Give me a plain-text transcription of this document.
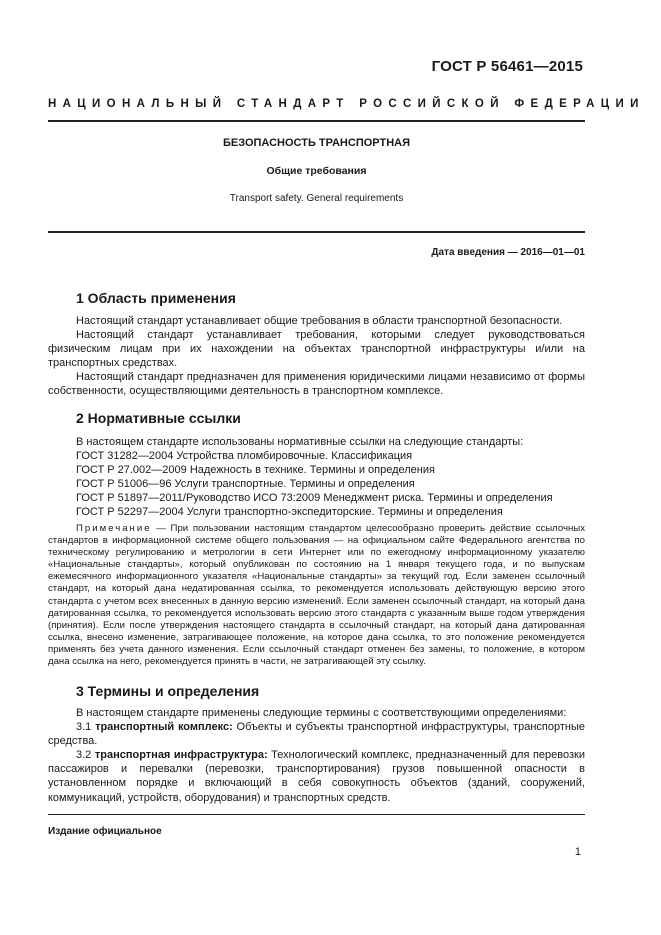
ГОСТ Р 56461—2015
НАЦИОНАЛЬНЫЙ СТАНДАРТ РОССИЙСКОЙ ФЕДЕРАЦИИ
БЕЗОПАСНОСТЬ ТРАНСПОРТНАЯ
Общие требования
Transport safety. General requirements
Дата введения — 2016—01—01
1 Область применения
Настоящий стандарт устанавливает общие требования в области транспортной безопасности.
Настоящий стандарт устанавливает требования, которыми следует руководствоваться физическим лицам при их нахождении на объектах транспортной инфраструктуры и/или на транспортных средствах.
Настоящий стандарт предназначен для применения юридическими лицами независимо от формы собственности, осуществляющими деятельность в транспортном комплексе.
2 Нормативные ссылки
В настоящем стандарте использованы нормативные ссылки на следующие стандарты:
ГОСТ 31282—2004 Устройства пломбировочные. Классификация
ГОСТ Р 27.002—2009 Надежность в технике. Термины и определения
ГОСТ Р 51006—96 Услуги транспортные. Термины и определения
ГОСТ Р 51897—2011/Руководство ИСО 73:2009 Менеджмент риска. Термины и определения
ГОСТ Р 52297—2004 Услуги транспортно-экспедиторские. Термины и определения
Примечание — При пользовании настоящим стандартом целесообразно проверить действие ссылочных стандартов в информационной системе общего пользования — на официальном сайте Федерального агентства по техническому регулированию и метрологии в сети Интернет или по ежегодному информационному указателю «Национальные стандарты», который опубликован по состоянию на 1 января текущего года, и по выпускам ежемесячного информационного указателя «Национальные стандарты» за текущий год. Если заменен ссылочный стандарт, на который дана недатированная ссылка, то рекомендуется использовать действующую версию этого стандарта с учетом всех внесенных в данную версию изменений. Если заменен ссылочный стандарт, на который дана датированная ссылка, то рекомендуется использовать версию этого стандарта с указанным выше годом утверждения (принятия). Если после утверждения настоящего стандарта в ссылочный стандарт, на который дана датированная ссылка, внесено изменение, затрагивающее положение, на которое дана ссылка, то это положение рекомендуется применять без учета данного изменения. Если ссылочный стандарт отменен без замены, то положение, в котором дана ссылка на него, рекомендуется принять в части, не затрагивающей эту ссылку.
3 Термины и определения
В настоящем стандарте применены следующие термины с соответствующими определениями:
3.1 транспортный комплекс: Объекты и субъекты транспортной инфраструктуры, транспортные средства.
3.2 транспортная инфраструктура: Технологический комплекс, предназначенный для перевозки пассажиров и перевалки (перевозки, транспортирования) грузов повышенной опасности в установленном порядке и включающий в себя совокупность объектов (зданий, сооружений, коммуникаций, устройств, оборудования) и транспортных средств.
Издание официальное
1
